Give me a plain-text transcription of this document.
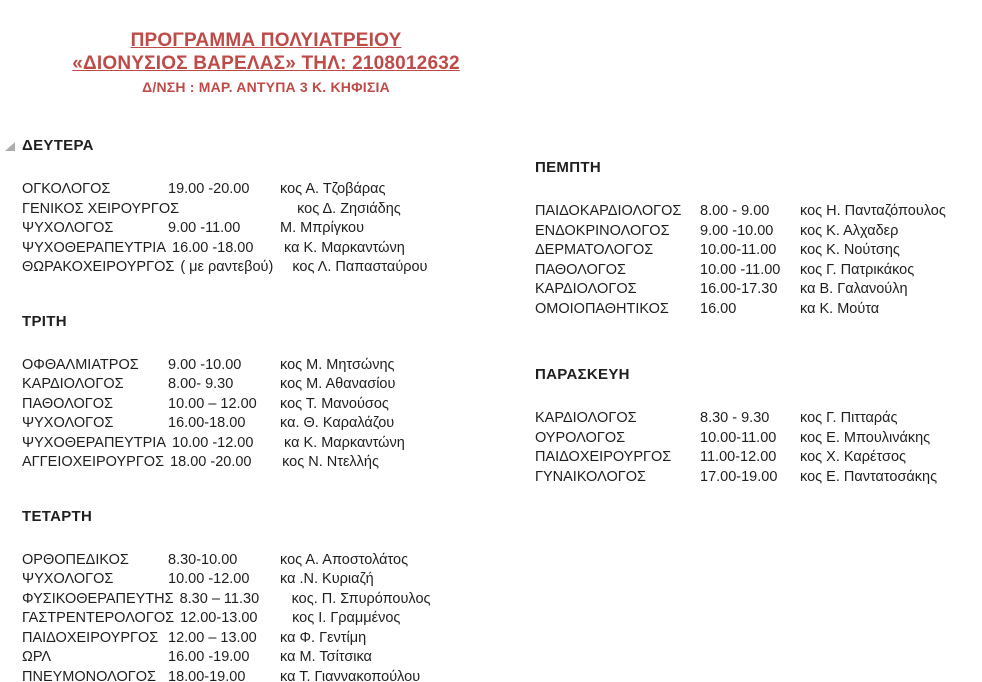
ΠΡΟΓΡΑΜΜΑ ΠΟΛΥΙΑΤΡΕΙΟΥ
«ΔΙΟΝΥΣΙΟΣ ΒΑΡΕΛΑΣ» ΤΗΛ: 2108012632
Δ/ΝΣΗ : ΜΑΡ. ΑΝΤΥΠΑ 3 Κ. ΚΗΦΙΣΙΑ
ΔΕΥΤΕΡΑ
ΟΓΚΟΛΟΓΟΣ	19.00 -20.00	κος Α. Τζοβάρας
ΓΕΝΙΚΟΣ ΧΕΙΡΟΥΡΓΟΣ	κος Δ. Ζησιάδης
ΨΥΧΟΛΟΓΟΣ	9.00 -11.00	Μ. Μπρίγκου
ΨΥΧΟΘΕΡΑΠΕΥΤΡΙΑ 16.00 -18.00	κα Κ. Μαρκαντώνη
ΘΩΡΑΚΟΧΕΙΡΟΥΡΓΟΣ ( με ραντεβού)	κος Λ. Παπασταύρου
ΤΡΙΤΗ
ΟΦΘΑΛΜΙΑΤΡΟΣ	9.00 -10.00	κος Μ. Μητσώνης
ΚΑΡΔΙΟΛΟΓΟΣ	8.00- 9.30	κος Μ. Αθανασίου
ΠΑΘΟΛΟΓΟΣ	10.00 – 12.00	κος Τ. Μανούσος
ΨΥΧΟΛΟΓΟΣ	16.00-18.00	κα. Θ. Καραλάζου
ΨΥΧΟΘΕΡΑΠΕΥΤΡΙΑ 10.00 -12.00	κα Κ. Μαρκαντώνη
ΑΓΓΕΙΟΧΕΙΡΟΥΡΓΟΣ 18.00 -20.00	κος Ν. Ντελλής
ΤΕΤΑΡΤΗ
ΟΡΘΟΠΕΔΙΚΟΣ	8.30-10.00	κος Α. Αποστολάτος
ΨΥΧΟΛΟΓΟΣ	10.00 -12.00	κα .Ν. Κυριαζή
ΦΥΣΙΚΟΘΕΡΑΠΕΥΤΗΣ 8.30 – 11.30	κος. Π. Σπυρόπουλος
ΓΑΣΤΡΕΝΤΕΡΟΛΟΓΟΣ 12.00-13.00	κος Ι. Γραμμένος
ΠΑΙΔΟΧΕΙΡΟΥΡΓΟΣ 12.00 – 13.00	κα Φ. Γεντίμη
ΩΡΛ	16.00 -19.00	κα Μ. Τσίτσικα
ΠΝΕΥΜΟΝΟΛΟΓΟΣ 18.00-19.00	κα Τ. Γιαννακοπούλου
ΠΕΜΠΤΗ
ΠΑΙΔΟΚΑΡΔΙΟΛΟΓΟΣ	8.00 - 9.00	κος Η. Πανταζόπουλος
ΕΝΔΟΚΡΙΝΟΛΟΓΟΣ	9.00 -10.00	κος Κ. Αλχαδερ
ΔΕΡΜΑΤΟΛΟΓΟΣ	10.00-11.00	κος Κ. Νούτσης
ΠΑΘΟΛΟΓΟΣ	10.00 -11.00	κος Γ. Πατρικάκος
ΚΑΡΔΙΟΛΟΓΟΣ	16.00-17.30	κα Β. Γαλανούλη
ΟΜΟΙΟΠΑΘΗΤΙΚΟΣ	16.00	κα Κ. Μούτα
ΠΑΡΑΣΚΕΥΗ
ΚΑΡΔΙΟΛΟΓΟΣ	8.30 - 9.30	κος Γ. Πιτταράς
ΟΥΡΟΛΟΓΟΣ	10.00-11.00	κος Ε. Μπουλινάκης
ΠΑΙΔΟΧΕΙΡΟΥΡΓΟΣ	11.00-12.00	κος Χ. Καρέτσος
ΓΥΝΑΙΚΟΛΟΓΟΣ	17.00-19.00	κος Ε. Παντατοσάκης
